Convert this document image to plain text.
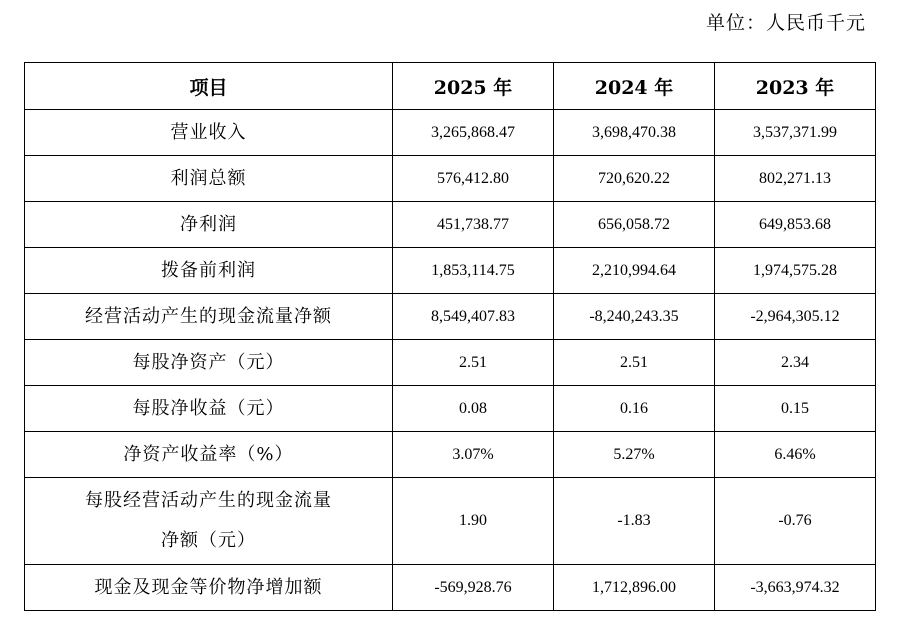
单位：人民币千元
项目	2025 年	2024 年	2023 年
营业收入	3,265,868.47	3,698,470.38	3,537,371.99
利润总额	576,412.80	720,620.22	802,271.13
净利润	451,738.77	656,058.72	649,853.68
拨备前利润	1,853,114.75	2,210,994.64	1,974,575.28
经营活动产生的现金流量净额	8,549,407.83	-8,240,243.35	-2,964,305.12
每股净资产（元）	2.51	2.51	2.34
每股净收益（元）	0.08	0.16	0.15
净资产收益率（%）	3.07%	5.27%	6.46%

每股经营活动产生的现金流量
净额（元）	1.90	-1.83	-0.76
现金及现金等价物净增加额	-569,928.76	1,712,896.00	-3,663,974.32
